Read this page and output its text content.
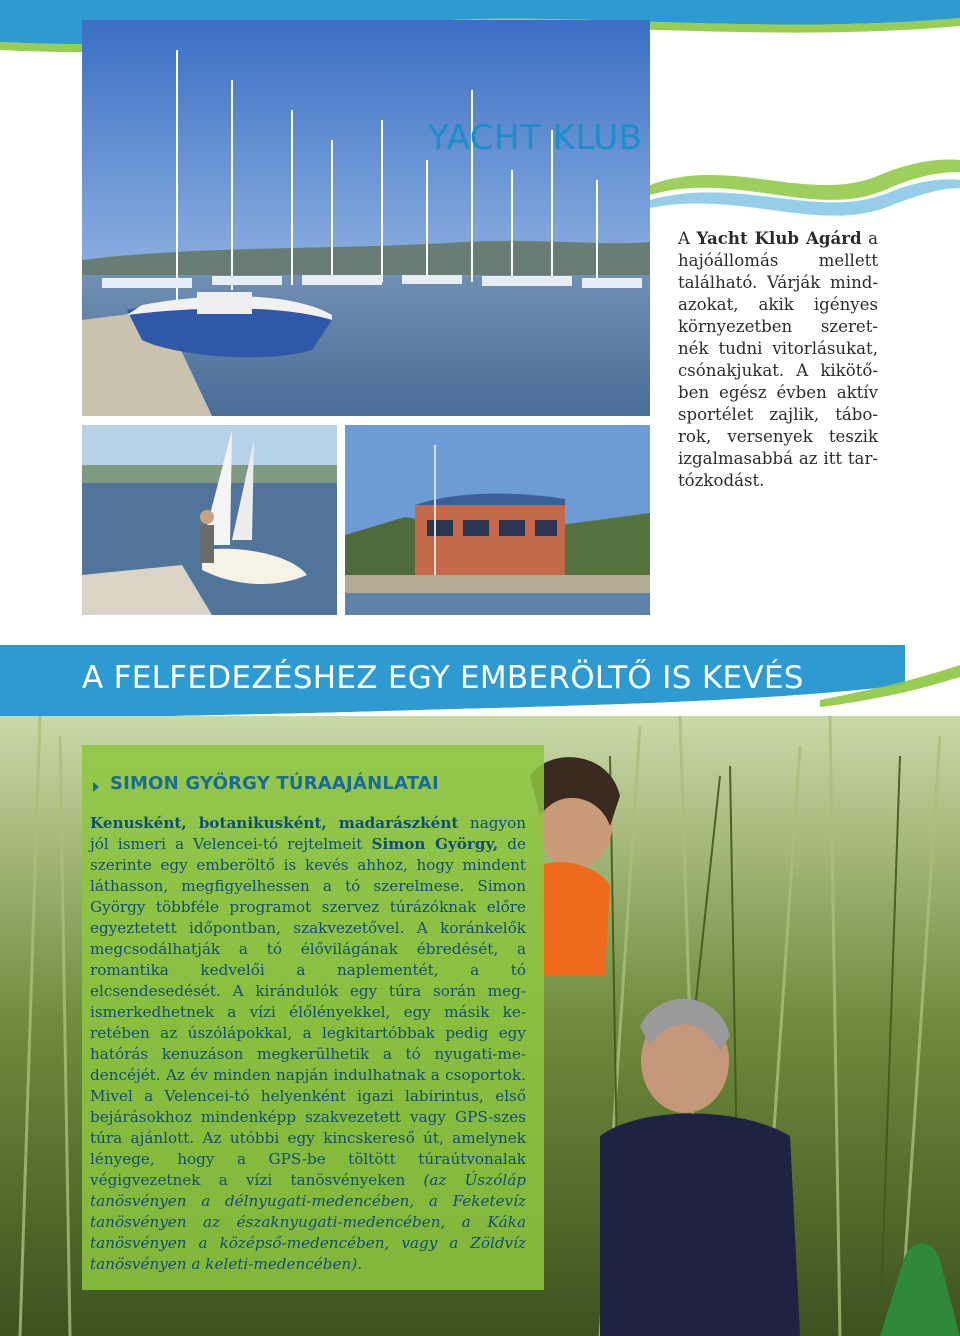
YACHT KLUB
A Yacht Klub Agárd a hajóállomás mellett található. Várják mindazokat, akik igényes környezetben szeretnék tudni vitorlásukat, csónakjukat. A kikötőben egész évben aktív sportélet zajlik, táborok, versenyek teszik izgalmasabbá az itt tartózkodást.
A FELFEDEZÉSHEZ EGY EMBERÖLTŐ IS KEVÉS
SIMON GYÖRGY TÚRAAJÁNLATAI

Kenusként, botanikusként, madarászként nagyon jól ismeri a Velencei-tó rejtelmeit Simon György, de szerinte egy emberöltő is kevés ahhoz, hogy mindent láthasson, megfigyelhessen a tó szerelmese. Simon György többféle programot szervez túrázóknak előre egyeztetett időpontban, szakvezetővel. A koránkelők megcsodálhatják a tó élővilágának ébredését, a romantika kedvelői a naplementét, a tó elcsendesedését. A kirándulók egy túra során megismerkedhetnek a vízi élőlényekkel, egy másik keretében az úszólápokkal, a legkitartóbbak pedig egy hatórás kenuzáson megkerülhetik a tó nyugati-medencéjét. Az év minden napján indulhatnak a csoportok. Mivel a Velencei-tó helyenként igazi labirintus, első bejárásokhoz mindenképp szakvezetett vagy GPS-szes túra ajánlott. Az utóbbi egy kincskereső út, amelynek lényege, hogy a GPS-be töltött túraútvonalak végigvezetnek a vízi tanösvényeken (az Úszóláp tanösvényen a délnyugati-medencében, a Feketevíz tanösvényen az északnyugati-medencében, a Káka tanösvényen a középső-medencében, vagy a Zöldvíz tanösvényen a keleti-medencében).
